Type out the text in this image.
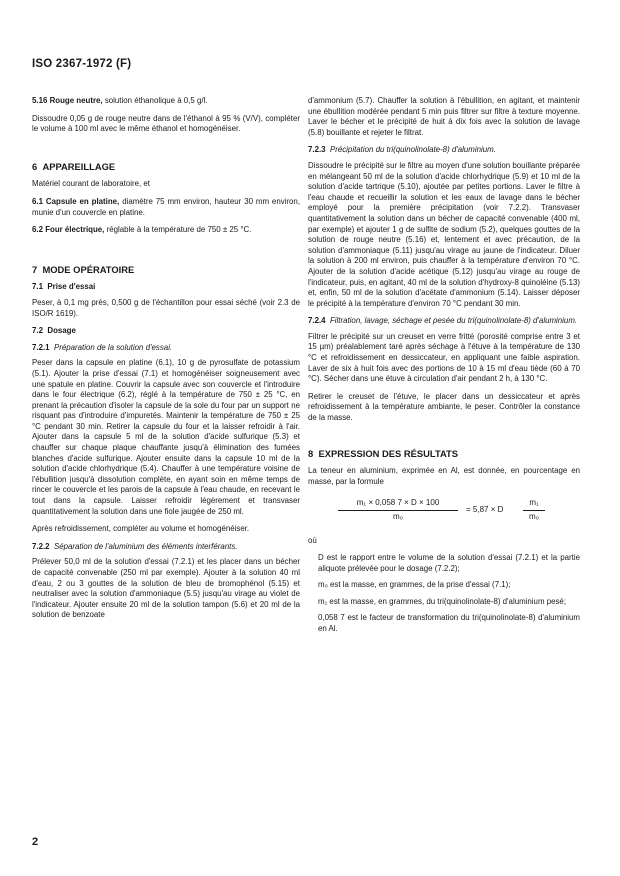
ISO 2367-1972 (F)

5.16 Rouge neutre, solution éthanolique à 0,5 g/l.

Dissoudre 0,05 g de rouge neutre dans de l'éthanol à 95 % (V/V), compléter le volume à 100 ml avec le même éthanol et homogénéiser.

6 APPAREILLAGE

Matériel courant de laboratoire, et

6.1 Capsule en platine, diamètre 75 mm environ, hauteur 30 mm environ, munie d'un couvercle en platine.

6.2 Four électrique, réglable à la température de 750 ± 25 °C.

7 MODE OPÉRATOIRE
7.1 Prise d'essai

Peser, à 0,1 mg près, 0,500 g de l'échantillon pour essai séché (voir 2.3 de ISO/R 1619).

7.2 Dosage
7.2.1 Préparation de la solution d'essai.

Peser dans la capsule en platine (6.1), 10 g de pyrosulfate de potassium (5.1). Ajouter la prise d'essai (7.1) et homogénéiser soigneusement avec une spatule en platine. Couvrir la capsule avec son couvercle et l'introduire dans le four électrique (6.2), réglé à la température de 750 ± 25 °C, en prenant la précaution d'isoler la capsule de la sole du four par un support ne risquant pas d'introduire d'impuretés. Maintenir la température de 750 ± 25 °C pendant 30 min. Retirer la capsule du four et la laisser refroidir à l'air. Ajouter dans la capsule 5 ml de la solution d'acide sulfurique (5.3) et chauffer sur chaque plaque chauffante jusqu'à élimination des fumées blanches d'acide sulfurique. Ajouter ensuite dans la capsule 10 ml de la solution d'acide chlorhydrique (5.4). Chauffer à une température voisine de l'ébullition jusqu'à dissolution complète, en ayant soin en même temps de rincer le couvercle et les parois de la capsule à l'eau chaude, en recevant le tout dans la capsule. Laisser refroidir légèrement et transvaser quantitativement la solution dans une fiole jaugée de 250 ml.

Après refroidissement, compléter au volume et homogénéiser.

7.2.2 Séparation de l'aluminium des éléments interférants.

Prélever 50,0 ml de la solution d'essai (7.2.1) et les placer dans un bécher de capacité convenable (250 ml par exemple). Ajouter à la solution 40 ml d'eau, 2 ou 3 gouttes de la solution de bleu de bromophénol (5.15) et neutraliser avec la solution d'ammoniaque (5.5) jusqu'au virage au violet de l'indicateur. Ajouter ensuite 20 ml de la solution tampon (5.6) et 20 ml de la solution de benzoate

d'ammonium (5.7). Chauffer la solution à l'ébullition, en agitant, et maintenir une ébullition modérée pendant 5 min puis filtrer sur filtre à texture moyenne. Laver le bécher et le précipité de huit à dix fois avec la solution de lavage (5.8) bouillante et rejeter le filtrat.

7.2.3 Précipitation du tri(quinolinolate-8) d'aluminium.

Dissoudre le précipité sur le filtre au moyen d'une solution bouillante préparée en mélangeant 50 ml de la solution d'acide chlorhydrique (5.9) et 10 ml de la solution d'acide tartrique (5.10), ajoutée par petites portions. Laver le filtre à l'eau chaude et recueillir la solution et les eaux de lavage dans le bécher employé pour la première précipitation (voir 7.2.2). Transvaser quantitativement la solution dans un bécher de capacité convenable (400 ml, par exemple) et ajouter 1 g de sulfite de sodium (5.2), quelques gouttes de la solution de rouge neutre (5.16) et, lentement et avec précaution, de la solution d'ammoniaque (5.11) jusqu'au virage au jaune de l'indicateur. Diluer la solution à 200 ml environ, puis chauffer à la température d'environ 70 °C. Ajouter de la solution d'acide acétique (5.12) jusqu'au virage au rouge de l'indicateur, puis, en agitant, 40 ml de la solution d'hydroxy-8 quinoléine (5.13) et, enfin, 50 ml de la solution d'acétate d'ammonium (5.14). Laisser déposer le précipité à la température d'environ 70 °C pendant 30 min.

7.2.4 Filtration, lavage, séchage et pesée du tri(quinolinolate-8) d'aluminium.

Filtrer le précipité sur un creuset en verre fritté (porosité comprise entre 3 et 15 µm) préalablement taré après séchage à l'étuve à la température de 130 °C et refroidissement en dessiccateur, en appliquant une faible aspiration. Laver de six à huit fois avec des portions de 10 à 15 ml d'eau tiède (60 à 70 °C). Sécher dans une étuve à circulation d'air pendant 2 h, à 130 °C.

Retirer le creuset de l'étuve, le placer dans un dessiccateur et après refroidissement à la température ambiante, le peser. Contrôler la constance de la masse.

8 EXPRESSION DES RÉSULTATS

La teneur en aluminium, exprimée en Al, est donnée, en pourcentage en masse, par la formule

m₁ × 0,058 7 × D × 100
m₀
= 5,87 × D
m₁
m₀

où

D est le rapport entre le volume de la solution d'essai (7.2.1) et la partie aliquote prélevée pour le dosage (7.2.2);

m₀ est la masse, en grammes, de la prise d'essai (7.1);

m₁ est la masse, en grammes, du tri(quinolinolate-8) d'aluminium pesé;

0,058 7 est le facteur de transformation du tri(quinolinolate-8) d'aluminium en Al.

2
